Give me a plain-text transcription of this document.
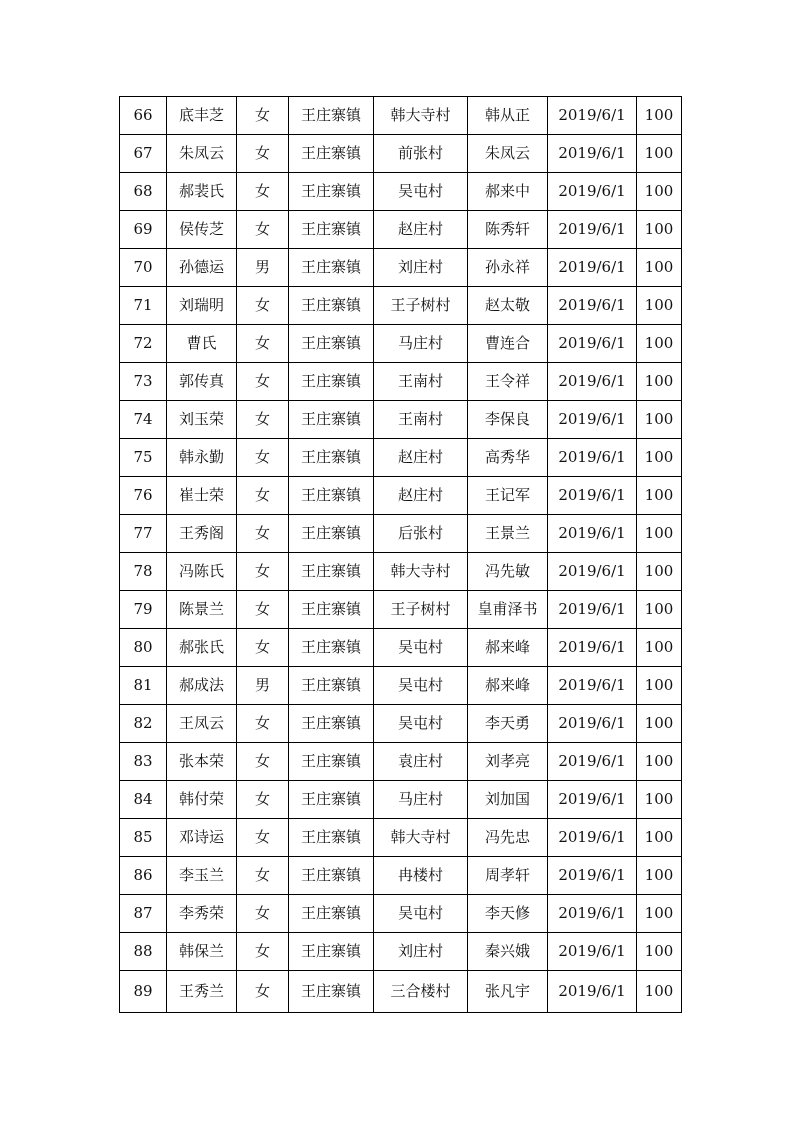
66	底丰芝	女	王庄寨镇	韩大寺村	韩从正	2019/6/1	100
67	朱凤云	女	王庄寨镇	前张村	朱凤云	2019/6/1	100
68	郝裴氏	女	王庄寨镇	吴屯村	郝来中	2019/6/1	100
69	侯传芝	女	王庄寨镇	赵庄村	陈秀轩	2019/6/1	100
70	孙德运	男	王庄寨镇	刘庄村	孙永祥	2019/6/1	100
71	刘瑞明	女	王庄寨镇	王子树村	赵太敬	2019/6/1	100
72	曹氏	女	王庄寨镇	马庄村	曹连合	2019/6/1	100
73	郭传真	女	王庄寨镇	王南村	王令祥	2019/6/1	100
74	刘玉荣	女	王庄寨镇	王南村	李保良	2019/6/1	100
75	韩永勤	女	王庄寨镇	赵庄村	高秀华	2019/6/1	100
76	崔士荣	女	王庄寨镇	赵庄村	王记军	2019/6/1	100
77	王秀阁	女	王庄寨镇	后张村	王景兰	2019/6/1	100
78	冯陈氏	女	王庄寨镇	韩大寺村	冯先敏	2019/6/1	100
79	陈景兰	女	王庄寨镇	王子树村	皇甫泽书	2019/6/1	100
80	郝张氏	女	王庄寨镇	吴屯村	郝来峰	2019/6/1	100
81	郝成法	男	王庄寨镇	吴屯村	郝来峰	2019/6/1	100
82	王凤云	女	王庄寨镇	吴屯村	李天勇	2019/6/1	100
83	张本荣	女	王庄寨镇	袁庄村	刘孝亮	2019/6/1	100
84	韩付荣	女	王庄寨镇	马庄村	刘加国	2019/6/1	100
85	邓诗运	女	王庄寨镇	韩大寺村	冯先忠	2019/6/1	100
86	李玉兰	女	王庄寨镇	冉楼村	周孝轩	2019/6/1	100
87	李秀荣	女	王庄寨镇	吴屯村	李天修	2019/6/1	100
88	韩保兰	女	王庄寨镇	刘庄村	秦兴娥	2019/6/1	100
89	王秀兰	女	王庄寨镇	三合楼村	张凡宇	2019/6/1	100
